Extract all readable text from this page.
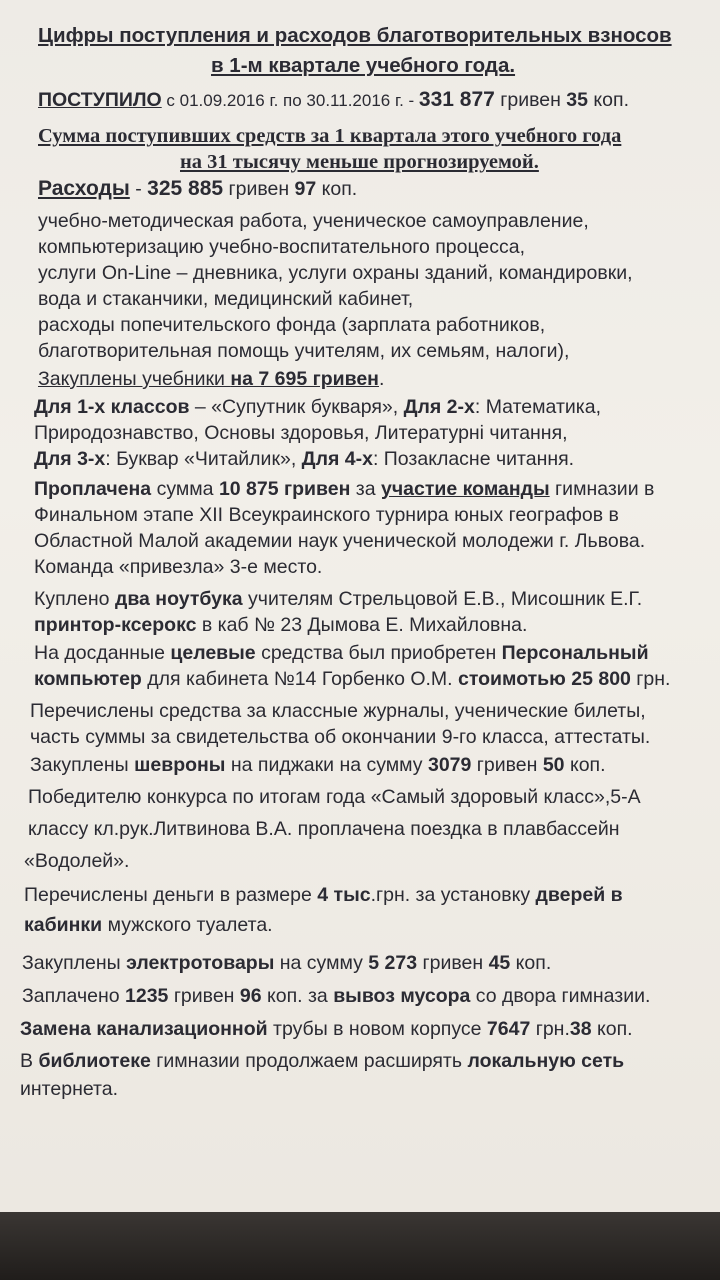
Цифры поступления и расходов благотворительных взносов
в 1-м квартале учебного года.
ПОСТУПИЛО с 01.09.2016 г. по 30.11.2016 г. - 331 877 гривен 35 коп.
Сумма поступивших средств за 1 квартала этого учебного года
на 31 тысячу меньше прогнозируемой.
Расходы - 325 885 гривен 97 коп.
учебно-методическая работа, ученическое самоуправление,
компьютеризацию учебно-воспитательного процесса,
услуги On-Line – дневника, услуги охраны зданий, командировки,
вода и стаканчики, медицинский кабинет,
расходы попечительского фонда (зарплата работников,
благотворительная помощь учителям, их семьям, налоги),
Закуплены учебники на 7 695 гривен.
Для 1-х классов – «Супутник букваря», Для 2-х: Математика,
Природознавство, Основы здоровья, Литературні читання,
Для 3-х: Буквар «Читайлик», Для 4-х: Позакласне читання.
Проплачена сумма 10 875 гривен за участие команды гимназии в
Финальном этапе XII Всеукраинского турнира юных географов в
Областной Малой академии наук ученической молодежи г. Львова.
Команда «привезла» 3-е место.
Куплено два ноутбука учителям Стрельцовой Е.В., Мисошник Е.Г.
принтор-ксерокс в каб № 23 Дымова Е. Михайловна.
На досданные целевые средства был приобретен Персональный
компьютер для кабинета №14 Горбенко О.М. стоимотью 25 800 грн.
Перечислены средства за классные журналы, ученические билеты,
часть суммы за свидетельства об окончании 9-го класса, аттестаты.
Закуплены шевроны на пиджаки на сумму 3079 гривен 50 коп.
Победителю конкурса по итогам года «Самый здоровый класс»,5-А
классу кл.рук.Литвинова В.А. проплачена поездка в плавбассейн
«Водолей».
Перечислены деньги в размере 4 тыс.грн. за установку дверей в
кабинки мужского туалета.
Закуплены электротовары на сумму 5 273 гривен 45 коп.
Заплачено 1235 гривен 96 коп. за вывоз мусора со двора гимназии.
Замена канализационной трубы в новом корпусе 7647 грн.38 коп.
В библиотеке гимназии продолжаем расширять локальную сеть
интернета.
